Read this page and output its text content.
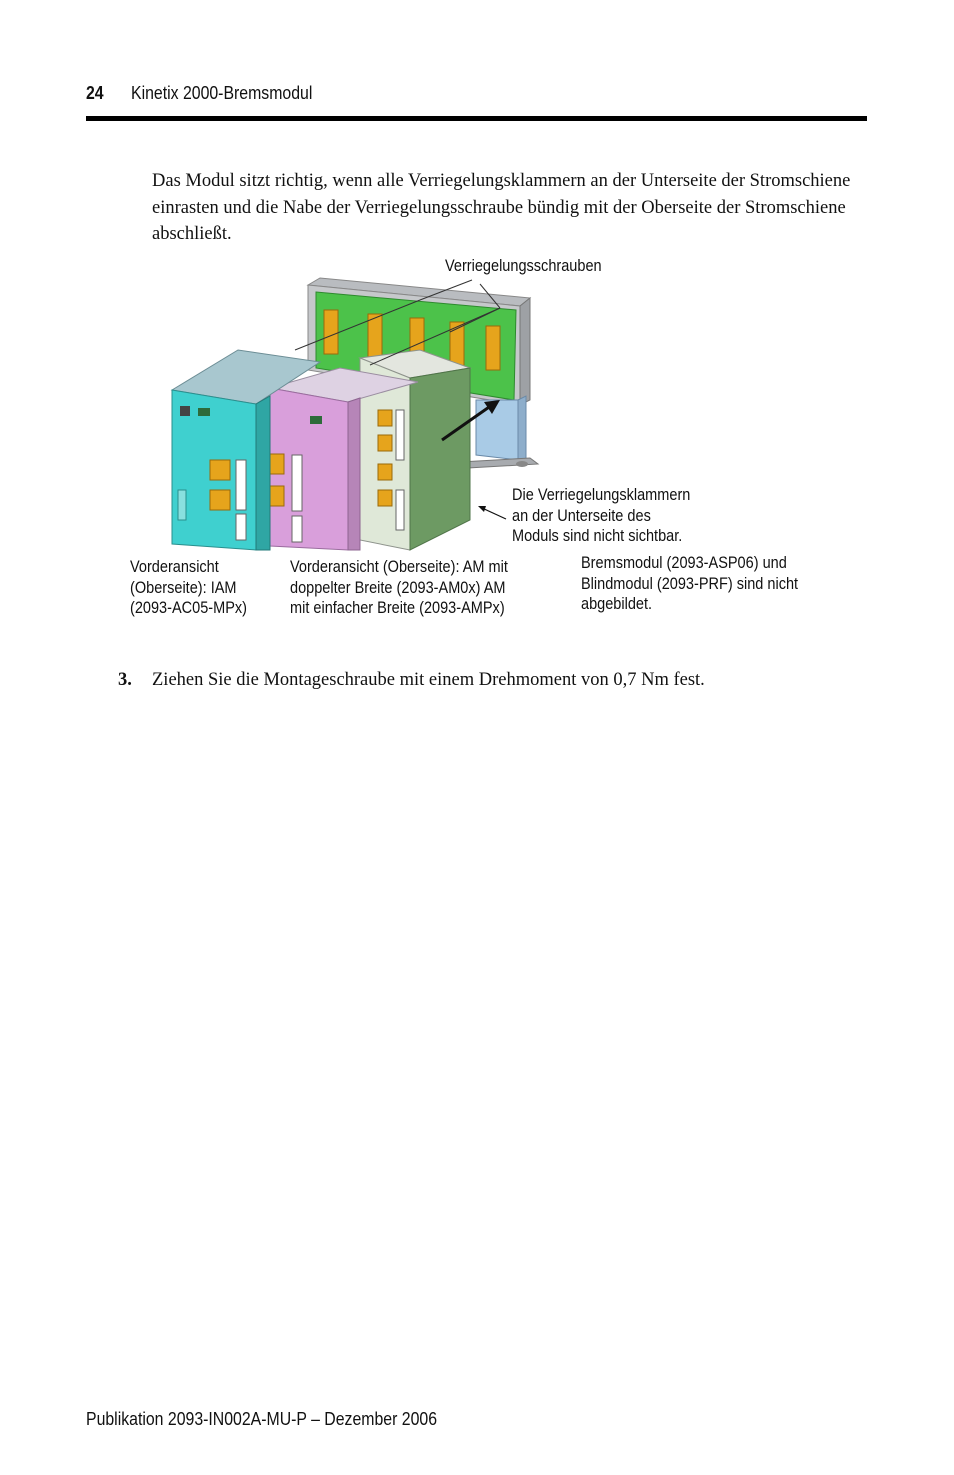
24 Kinetix 2000-Bremsmodul
Das Modul sitzt richtig, wenn alle Verriegelungsklammern an der Unterseite der Stromschiene einrasten und die Nabe der Verriegelungsschraube bündig mit der Oberseite der Stromschiene abschließt.
Verriegelungsschrauben
Die Verriegelungsklammern
an der Unterseite des
Moduls sind nicht sichtbar.
Vorderansicht
(Oberseite): IAM
(2093-AC05-MPx)
Vorderansicht (Oberseite): AM mit
doppelter Breite (2093-AM0x) AM
mit einfacher Breite (2093-AMPx)
Bremsmodul (2093-ASP06) und
Blindmodul (2093-PRF) sind nicht
abgebildet.
3. Ziehen Sie die Montageschraube mit einem Drehmoment von 0,7 Nm fest.
Publikation 2093-IN002A-MU-P – Dezember 2006
